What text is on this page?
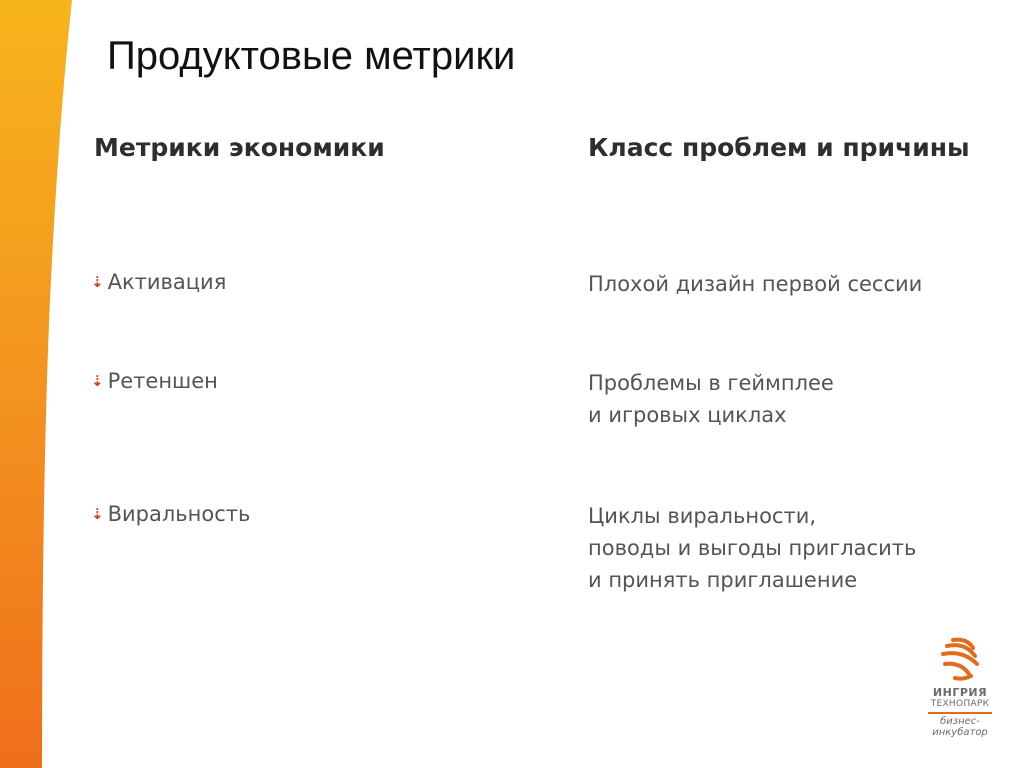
Продуктовые метрики
Метрики экономики	Класс проблем и причины
⇣ Активация	Плохой дизайн первой сессии
⇣ Ретеншен	Проблемы в геймплее
и игровых циклах
⇣ Виральность	Циклы виральности,
поводы и выгоды пригласить
и принять приглашение
ИНГРИЯ
ТЕХНОПАРК
бизнес-
инкубатор
